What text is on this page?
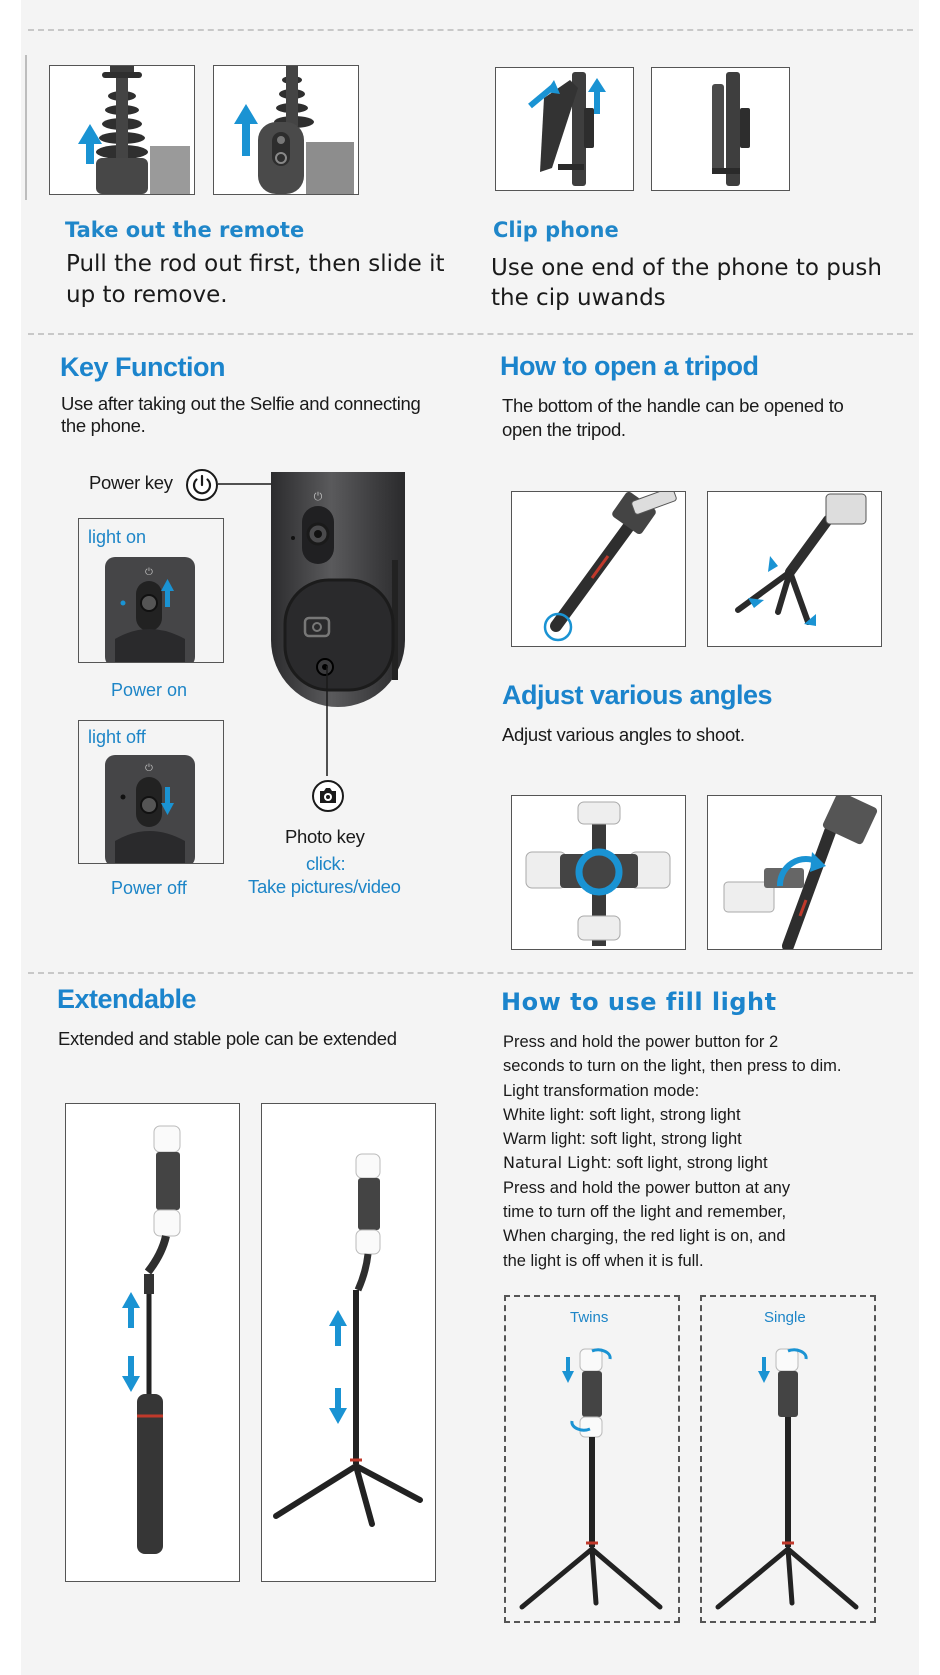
Take out the remote
Pull the rod out first, then slide it
up to remove.
Clip phone
Use one end of the phone to push
the cip uwands
Key Function
Use after taking out the Selfie and connecting
the phone.
Power key
⏻
Photo key
click:
Take pictures/video
⏻
light on
Power on
⏻
light off
Power off
How to open a tripod
The bottom of the handle can be opened to
open the tripod.
Adjust various angles
Adjust various angles to shoot.
Extendable
Extended and stable pole can be extended
How to use fill light
Press and hold the power button for 2
seconds to turn on the light, then press to dim.
Light transformation mode:
White light: soft light, strong light
Warm light: soft light, strong light
Natural Light: soft light, strong light
Press and hold the power button at any
time to turn off the light and remember,
When charging, the red light is on, and
the light is off when it is full.
Twins	Single
